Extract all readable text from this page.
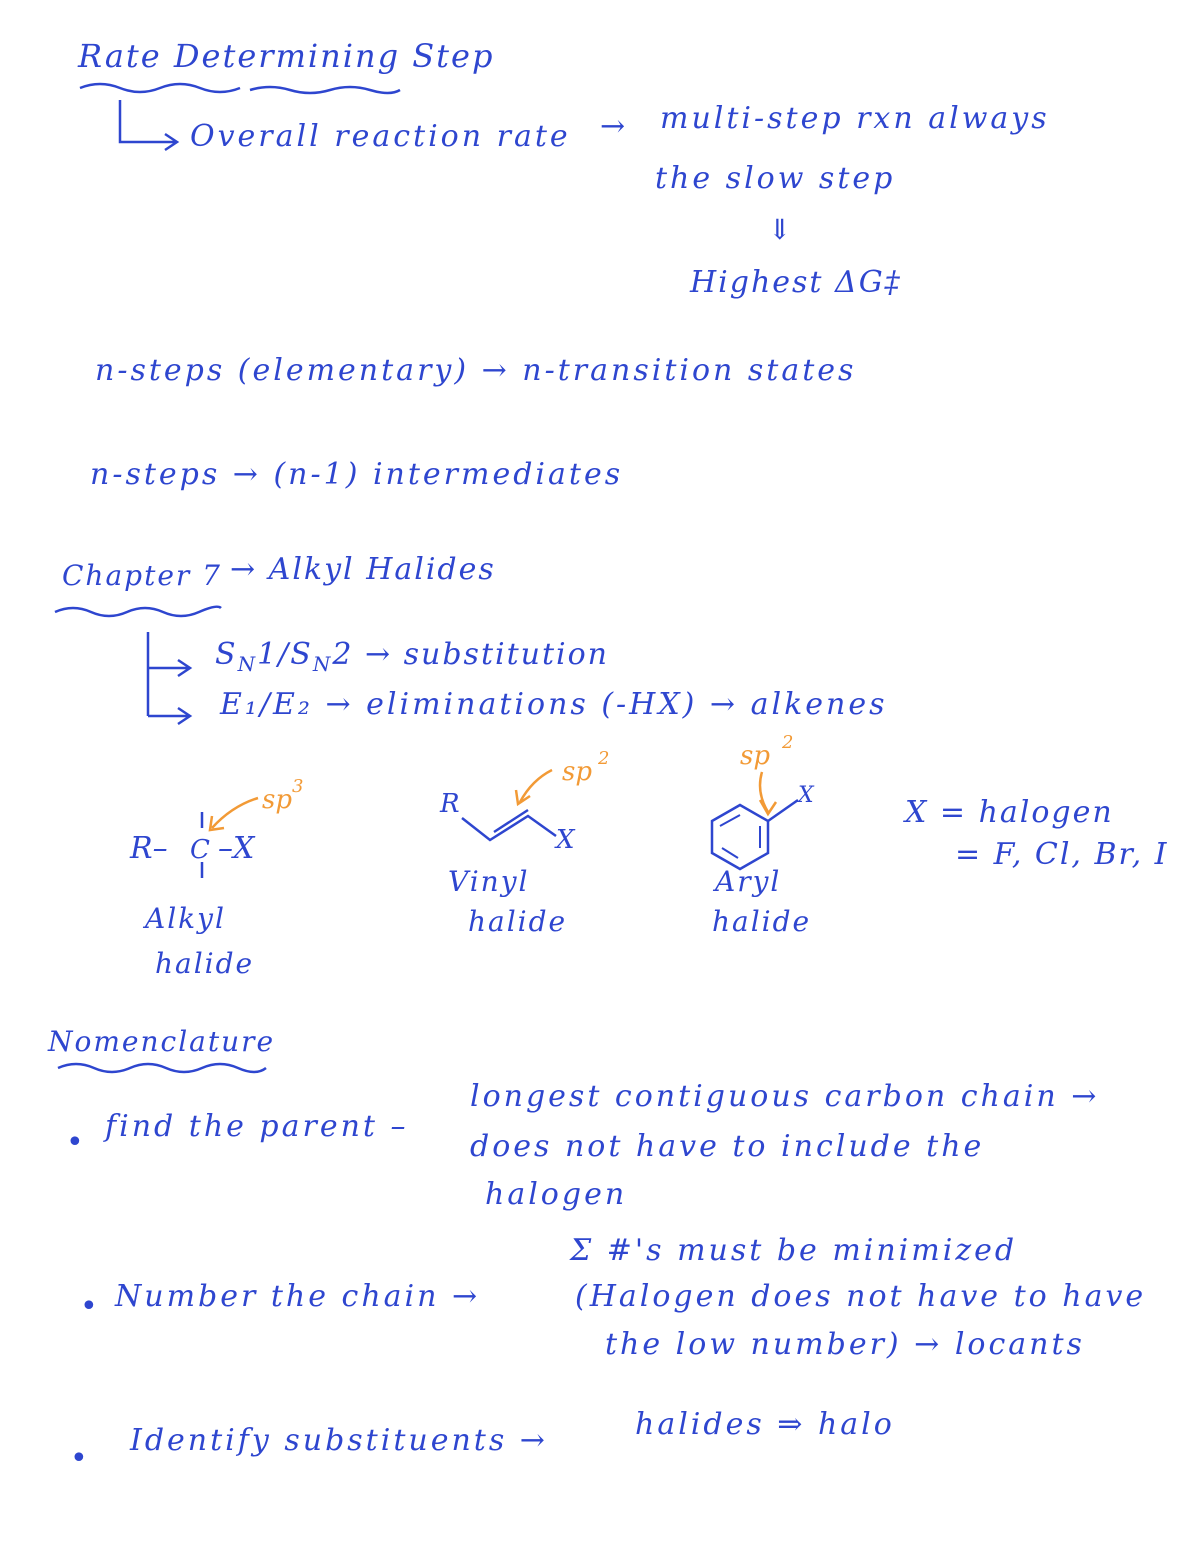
R– C –X
sp 3
R
X
sp 2
X
sp 2
Rate Determining Step
Overall reaction rate → multi-step rxn always
the slow step
⇓
Highest ΔG‡
n-steps (elementary) → n-transition states
n-steps → (n-1) intermediates
Chapter 7 → Alkyl Halides
$S_N1/S_N2$ → substitution
E₁/E₂ → eliminations (-HX) → alkenes
Alkyl
halide
Vinyl
halide
Aryl
halide
X = halogen
= F, Cl, Br, I
Nomenclature
• find the parent –
longest contiguous carbon chain →
does not have to include the
halogen
• Number the chain →
Σ #'s must be minimized
(Halogen does not have to have
the low number) → locants
•
Identify substituents →	halides ⇒ halo
